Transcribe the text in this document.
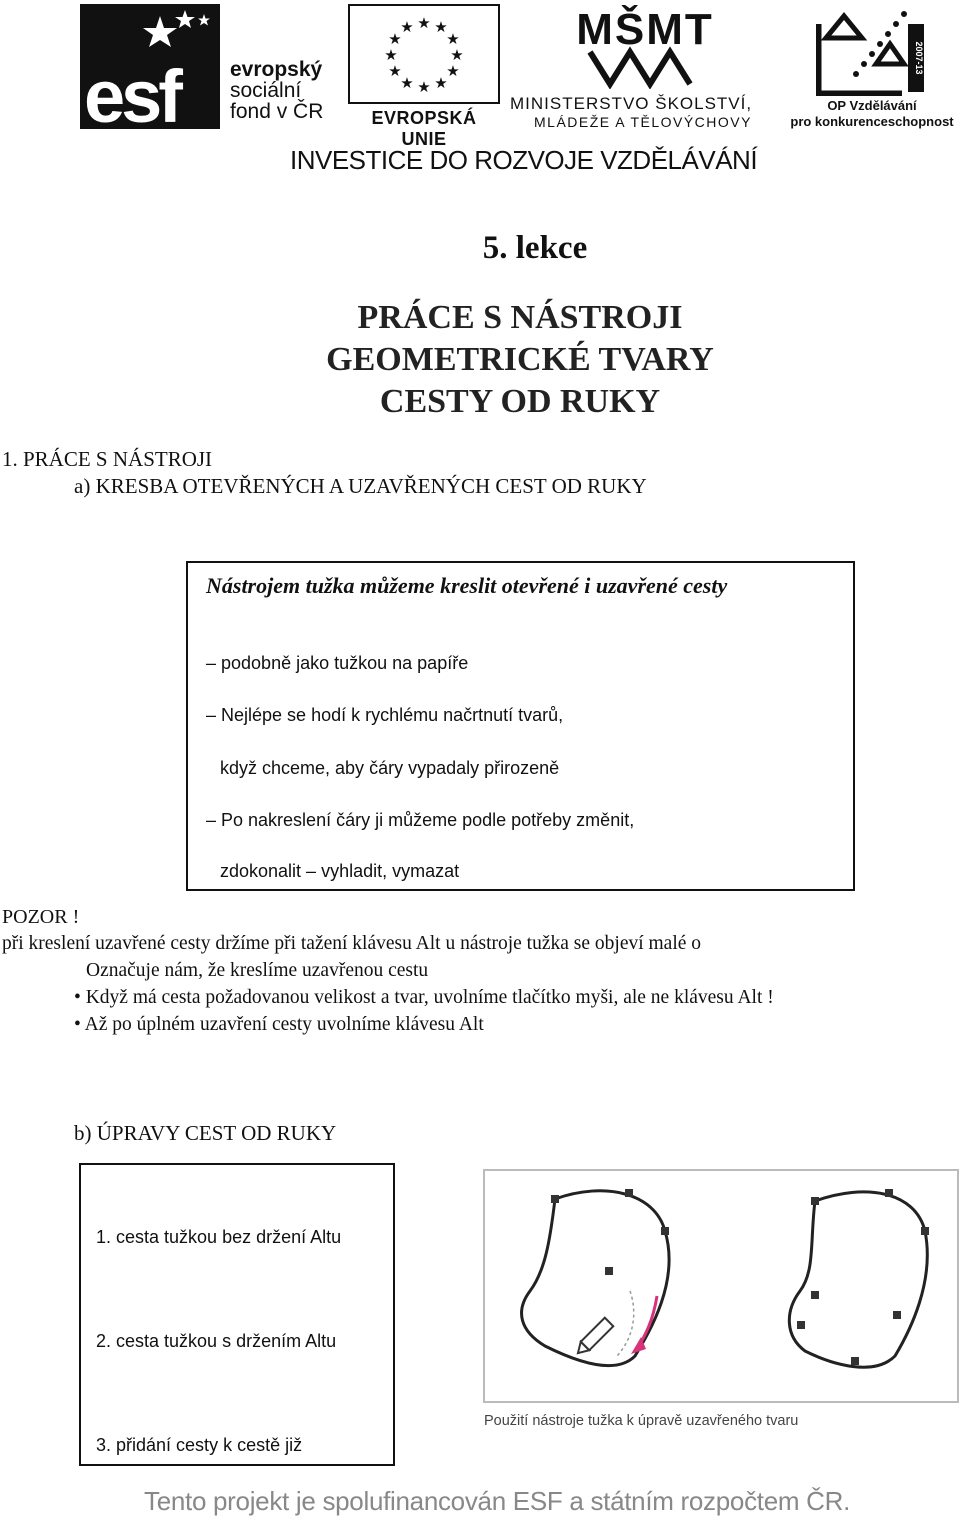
esf evropský
sociální
fond v ČR
★ ★
★
★
★
★
★
★
★
★
★
★
EVROPSKÁ UNIE
MŠMT
MINISTERSTVO ŠKOLSTVÍ,
MLÁDEŽE A TĚLOVÝCHOVY
2007-13
OP Vzdělávání
pro konkurenceschopnost
INVESTICE DO ROZVOJE VZDĚLÁVÁNÍ
5. lekce
PRÁCE S NÁSTROJI
GEOMETRICKÉ TVARY
CESTY OD RUKY
1. PRÁCE S NÁSTROJI
a) KRESBA OTEVŘENÝCH A UZAVŘENÝCH CEST OD RUKY
Nástrojem tužka můžeme kreslit otevřené i uzavřené cesty
– podobně jako tužkou na papíře
– Nejlépe se hodí k rychlému načrtnutí tvarů,
když chceme, aby čáry vypadaly přirozeně
– Po nakreslení čáry ji můžeme podle potřeby změnit,
zdokonalit – vyhladit, vymazat
POZOR !
při kreslení uzavřené cesty držíme při tažení klávesu Alt u nástroje tužka se objeví malé o
Označuje nám, že kreslíme uzavřenou cestu
• Když má cesta požadovanou velikost a tvar, uvolníme tlačítko myši, ale ne klávesu Alt !
• Až po úplném uzavření cesty uvolníme klávesu Alt
b) ÚPRAVY CEST OD RUKY
1. cesta tužkou bez držení Altu
2. cesta tužkou s držením Altu
3. přidání cesty k cestě již
Použití nástroje tužka k úpravě uzavřeného tvaru
Tento projekt je spolufinancován ESF a státním rozpočtem ČR.
